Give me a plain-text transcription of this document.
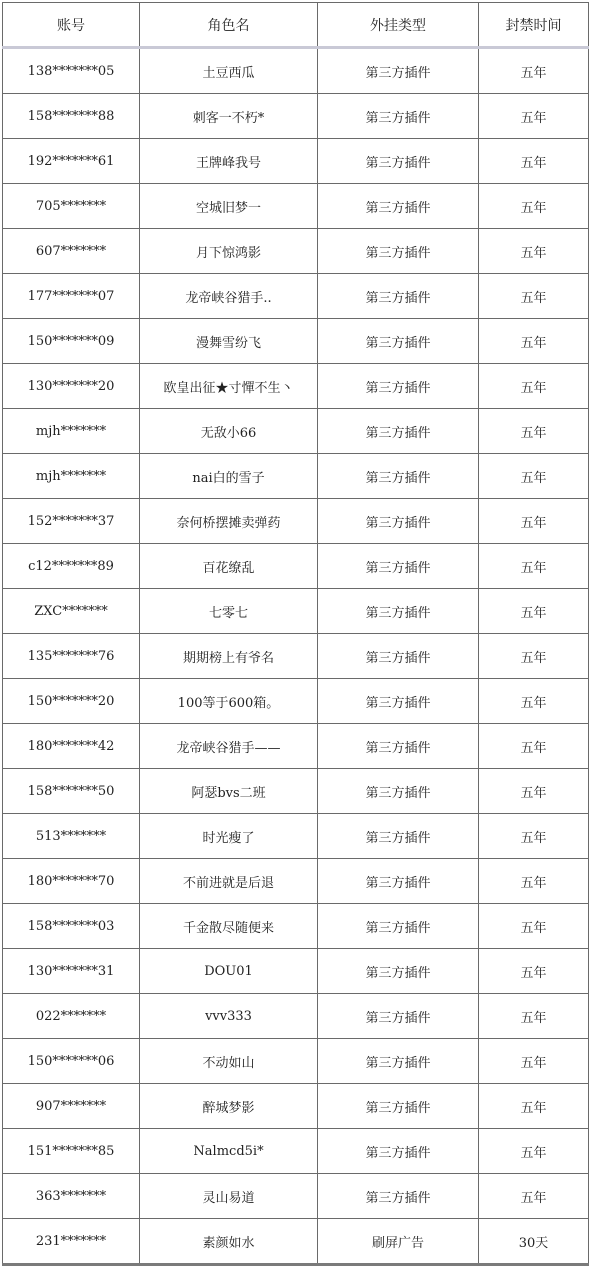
账号	角色名	外挂类型	封禁时间
138*******05	土豆西瓜	第三方插件	五年
158*******88	刺客一不朽*	第三方插件	五年
192*******61	王牌峰我号	第三方插件	五年
705*******	空城旧梦一	第三方插件	五年
607*******	月下惊鸿影	第三方插件	五年
177*******07	龙帝峡谷猎手..	第三方插件	五年
150*******09	漫舞雪纷飞	第三方插件	五年
130*******20	欧皇出征★寸憚不生丶	第三方插件	五年
mjh*******	无敌小66	第三方插件	五年
mjh*******	nai白的雪子	第三方插件	五年
152*******37	奈何桥摆摊卖弹药	第三方插件	五年
c12*******89	百花缭乱	第三方插件	五年
ZXC*******	七零七	第三方插件	五年
135*******76	期期榜上有爷名	第三方插件	五年
150*******20	100等于600箱。	第三方插件	五年
180*******42	龙帝峡谷猎手——	第三方插件	五年
158*******50	阿瑟bvs二班	第三方插件	五年
513*******	时光瘦了	第三方插件	五年
180*******70	不前进就是后退	第三方插件	五年
158*******03	千金散尽随便来	第三方插件	五年
130*******31	DOU01	第三方插件	五年
022*******	vvv333	第三方插件	五年
150*******06	不动如山	第三方插件	五年
907*******	醉城梦影	第三方插件	五年
151*******85	Nalmcd5i*	第三方插件	五年
363*******	灵山易道	第三方插件	五年
231*******	素颜如水	刷屏广告	30天
